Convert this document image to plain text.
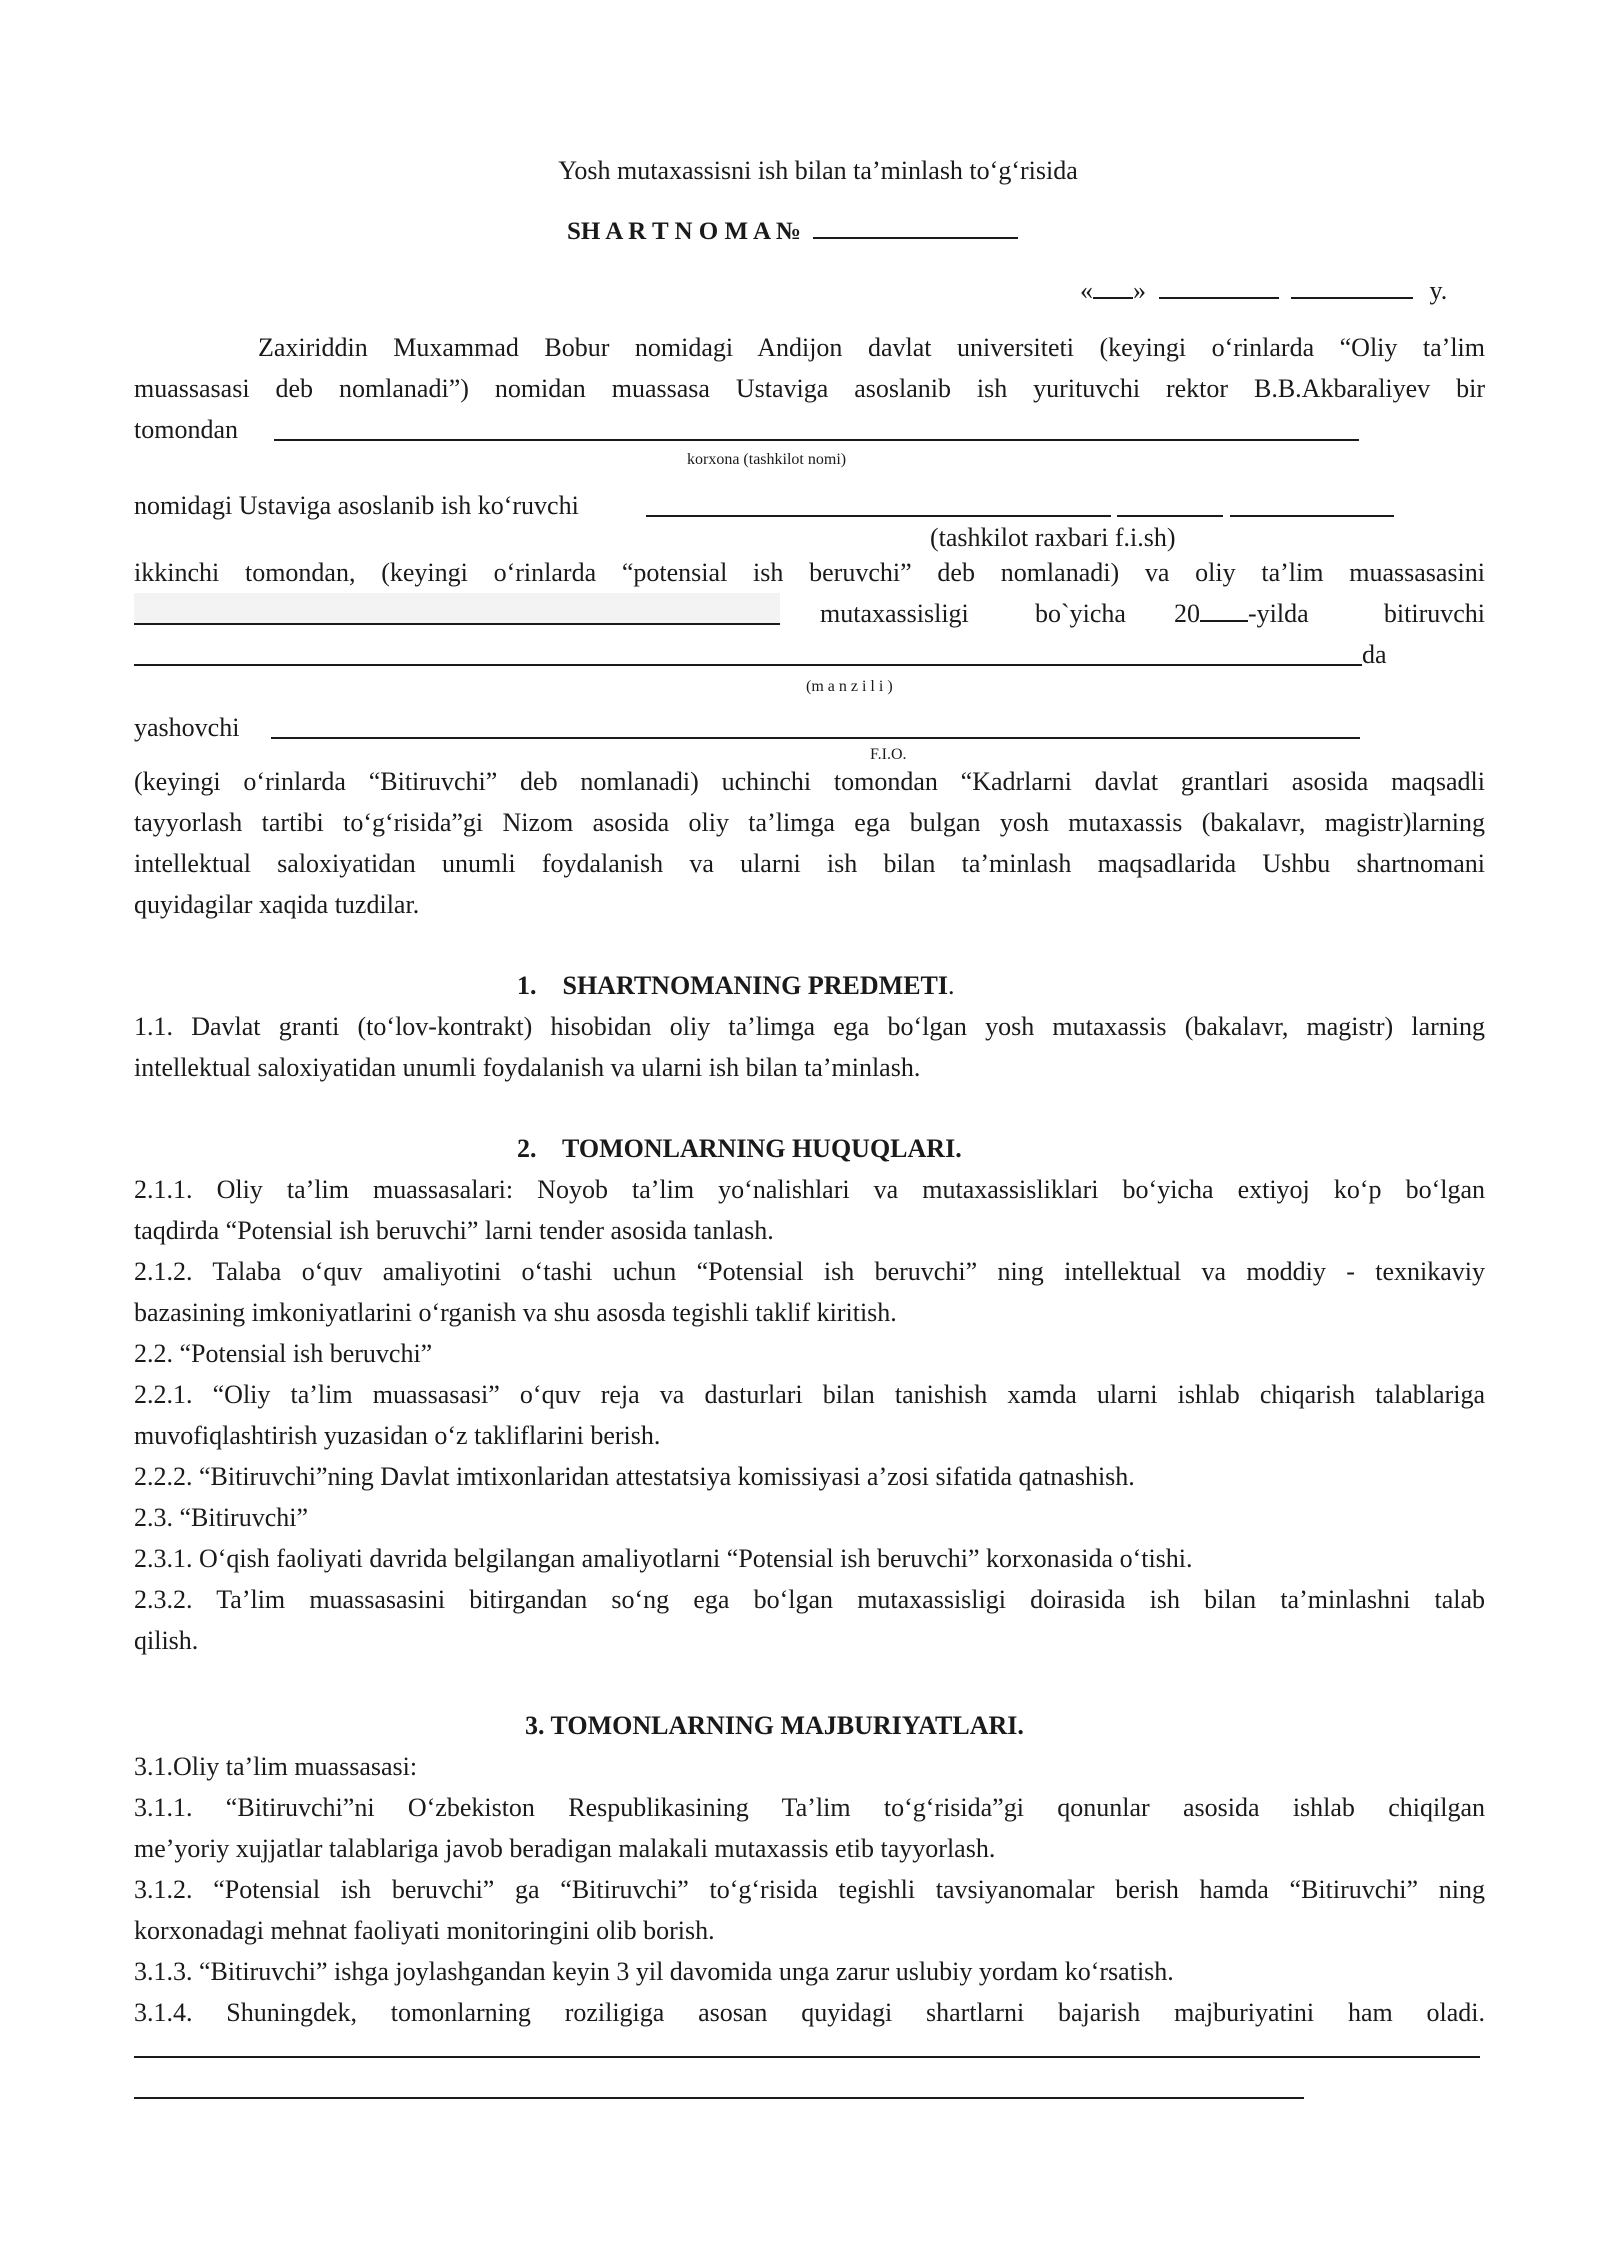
Yosh mutaxassisni ish bilan ta’minlash to‘g‘risida
SH A R T N O M A №
« »	y.
Zaxiriddin Muxammad Bobur nomidagi Andijon davlat universiteti (keyingi o‘rinlarda “Oliy ta’lim
muassasasi deb nomlanadi”) nomidan muassasa Ustaviga asoslanib ish yurituvchi rektor B.B.Akbaraliyev bir
tomondan
korxona (tashkilot nomi)
nomidagi Ustaviga asoslanib ish ko‘ruvchi
(tashkilot raxbari f.i.sh)
ikkinchi tomondan, (keyingi o‘rinlarda “potensial ish beruvchi” deb nomlanadi) va oliy ta’lim muassasasini
mutaxassisligi	bo`yicha 20 -yilda	bitiruvchi
da
(m a n z i l i )
yashovchi
F.I.O.
(keyingi o‘rinlarda “Bitiruvchi” deb nomlanadi) uchinchi tomondan “Kadrlarni davlat grantlari asosida maqsadli
tayyorlash tartibi to‘g‘risida”gi Nizom asosida oliy ta’limga ega bulgan yosh mutaxassis (bakalavr, magistr)larning
intellektual saloxiyatidan unumli foydalanish va ularni ish bilan ta’minlash maqsadlarida Ushbu shartnomani
quyidagilar xaqida tuzdilar.
1.    SHARTNOMANING PREDMETI.
1.1. Davlat granti (to‘lov-kontrakt) hisobidan oliy ta’limga ega bo‘lgan yosh mutaxassis (bakalavr, magistr) larning
intellektual saloxiyatidan unumli foydalanish va ularni ish bilan ta’minlash.
2.    TOMONLARNING HUQUQLARI.
2.1.1. Oliy ta’lim muassasalari: Noyob ta’lim yo‘nalishlari va mutaxassisliklari bo‘yicha extiyoj ko‘p bo‘lgan
taqdirda “Potensial ish beruvchi” larni tender asosida tanlash.
2.1.2. Talaba o‘quv amaliyotini o‘tashi uchun “Potensial ish beruvchi” ning intellektual va moddiy - texnikaviy
bazasining imkoniyatlarini o‘rganish va shu asosda tegishli taklif kiritish.
2.2. “Potensial ish beruvchi”
2.2.1. “Oliy ta’lim muassasasi” o‘quv reja va dasturlari bilan tanishish xamda ularni ishlab chiqarish talablariga
muvofiqlashtirish yuzasidan o‘z takliflarini berish.
2.2.2. “Bitiruvchi”ning Davlat imtixonlaridan attestatsiya komissiyasi a’zosi sifatida qatnashish.
2.3. “Bitiruvchi”
2.3.1. O‘qish faoliyati davrida belgilangan amaliyotlarni “Potensial ish beruvchi” korxonasida o‘tishi.
2.3.2. Ta’lim muassasasini bitirgandan so‘ng ega bo‘lgan mutaxassisligi doirasida ish bilan ta’minlashni talab
qilish.
3. TOMONLARNING MAJBURIYATLARI.
3.1.Oliy ta’lim muassasasi:
3.1.1. “Bitiruvchi”ni O‘zbekiston Respublikasining Ta’lim to‘g‘risida”gi qonunlar asosida ishlab chiqilgan
me’yoriy xujjatlar talablariga javob beradigan malakali mutaxassis etib tayyorlash.
3.1.2. “Potensial ish beruvchi” ga “Bitiruvchi” to‘g‘risida tegishli tavsiyanomalar berish hamda “Bitiruvchi” ning
korxonadagi mehnat faoliyati monitoringini olib borish.
3.1.3. “Bitiruvchi” ishga joylashgandan keyin 3 yil davomida unga zarur uslubiy yordam ko‘rsatish.
3.1.4. Shuningdek, tomonlarning roziligiga asosan quyidagi shartlarni bajarish majburiyatini ham oladi.
